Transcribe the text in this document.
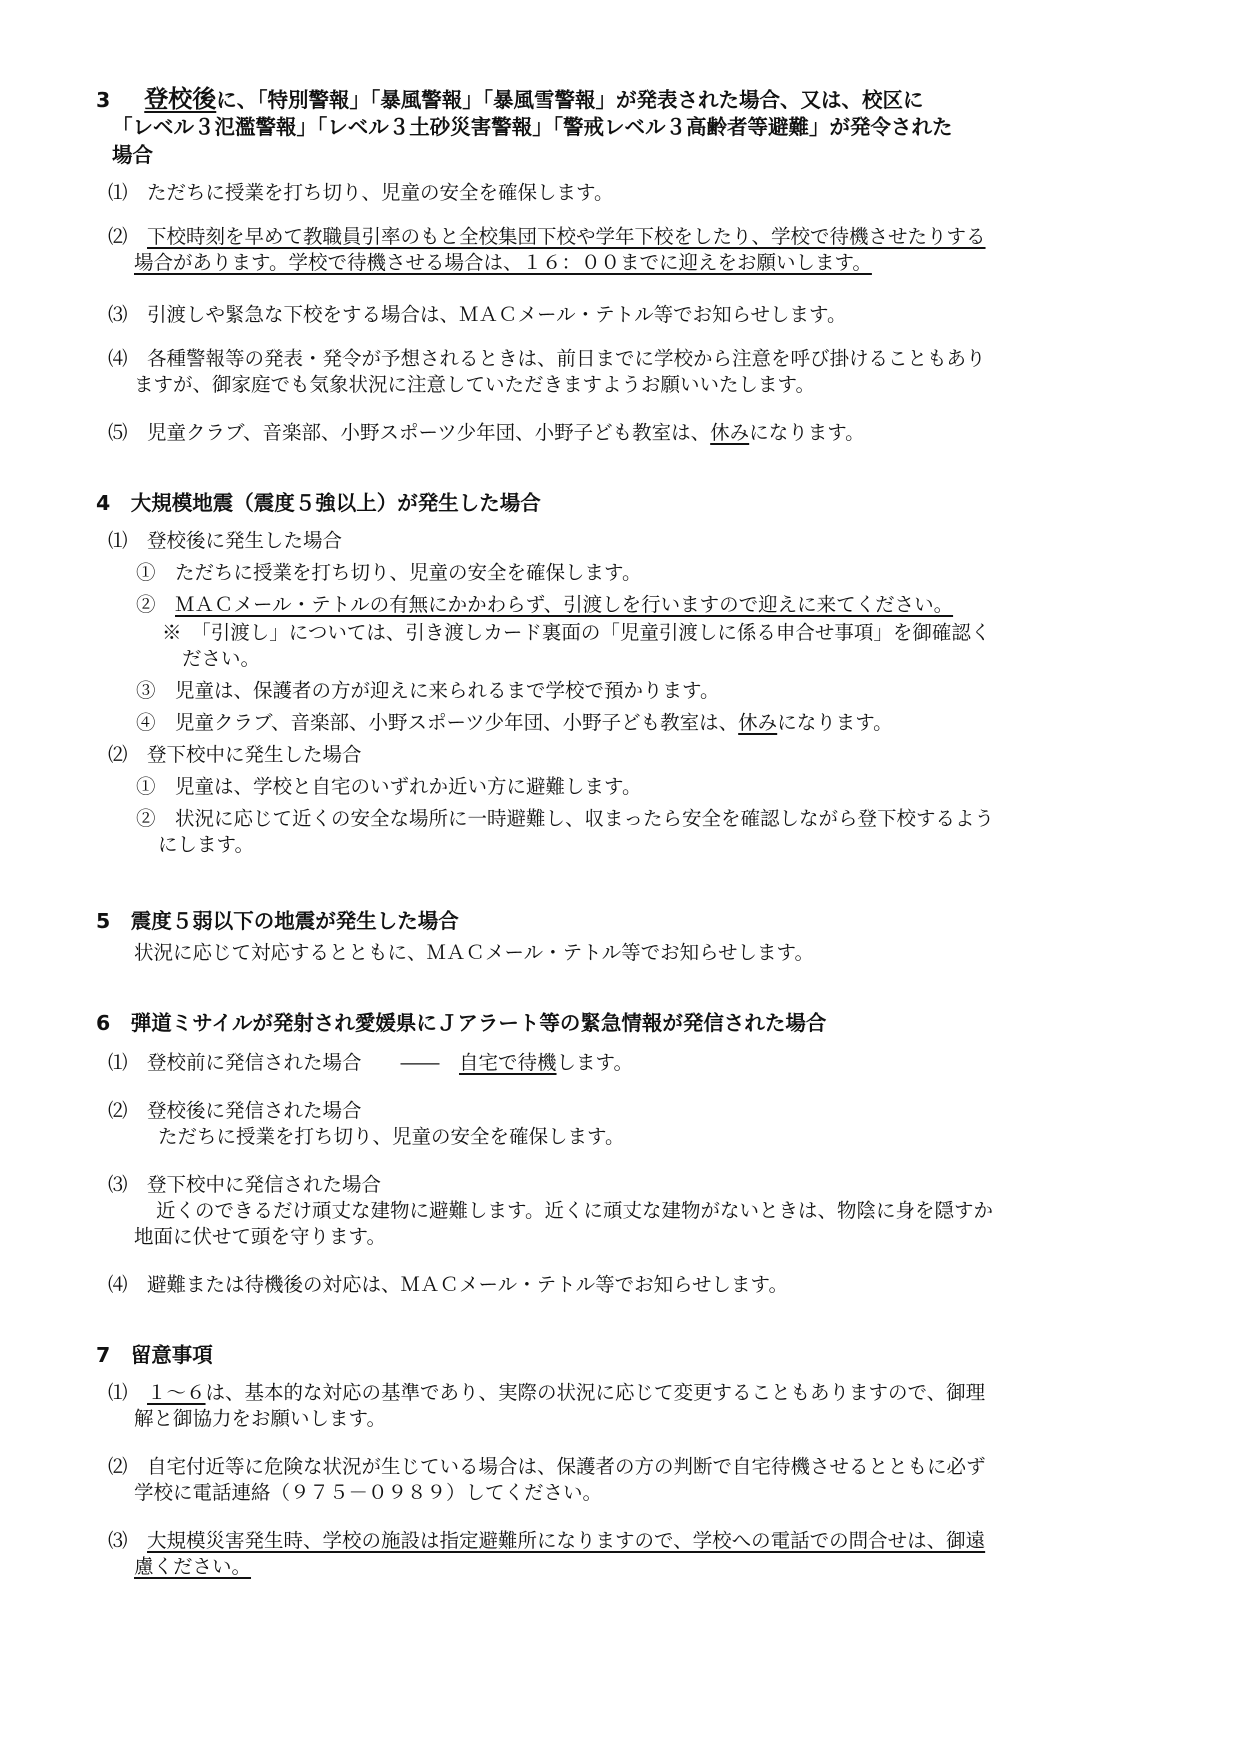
3 登校後に、「特別警報」「暴風警報」「暴風雪警報」が発表された場合、又は、校区に
「レベル３氾濫警報」「レベル３土砂災害警報」「警戒レベル３高齢者等避難」が発令された
場合
⑴　ただちに授業を打ち切り、児童の安全を確保します。
⑵　下校時刻を早めて教職員引率のもと全校集団下校や学年下校をしたり、学校で待機させたりする
場合があります。学校で待機させる場合は、１６：００までに迎えをお願いします。
⑶　引渡しや緊急な下校をする場合は、ＭＡＣメール・テトル等でお知らせします。
⑷　各種警報等の発表・発令が予想されるときは、前日までに学校から注意を呼び掛けることもあり
ますが、御家庭でも気象状況に注意していただきますようお願いいたします。
⑸　児童クラブ、音楽部、小野スポーツ少年団、小野子ども教室は、休みになります。
4　大規模地震（震度５強以上）が発生した場合
⑴　登校後に発生した場合
①　ただちに授業を打ち切り、児童の安全を確保します。
②　ＭＡＣメール・テトルの有無にかかわらず、引渡しを行いますので迎えに来てください。
※　「引渡し」については、引き渡しカード裏面の「児童引渡しに係る申合せ事項」を御確認く
ださい。
③　児童は、保護者の方が迎えに来られるまで学校で預かります。
④　児童クラブ、音楽部、小野スポーツ少年団、小野子ども教室は、休みになります。
⑵　登下校中に発生した場合
①　児童は、学校と自宅のいずれか近い方に避難します。
②　状況に応じて近くの安全な場所に一時避難し、収まったら安全を確認しながら登下校するよう
にします。
5　震度５弱以下の地震が発生した場合
状況に応じて対応するとともに、ＭＡＣメール・テトル等でお知らせします。
6　弾道ミサイルが発射され愛媛県にＪアラート等の緊急情報が発信された場合
⑴　登校前に発信された場合　　――　自宅で待機します。
⑵　登校後に発信された場合
ただちに授業を打ち切り、児童の安全を確保します。
⑶　登下校中に発信された場合
近くのできるだけ頑丈な建物に避難します。近くに頑丈な建物がないときは、物陰に身を隠すか
地面に伏せて頭を守ります。
⑷　避難または待機後の対応は、ＭＡＣメール・テトル等でお知らせします。
7　留意事項
⑴　１～６は、基本的な対応の基準であり、実際の状況に応じて変更することもありますので、御理
解と御協力をお願いします。
⑵　自宅付近等に危険な状況が生じている場合は、保護者の方の判断で自宅待機させるとともに必ず
学校に電話連絡（９７５－０９８９）してください。
⑶　大規模災害発生時、学校の施設は指定避難所になりますので、学校への電話での問合せは、御遠
慮ください。
